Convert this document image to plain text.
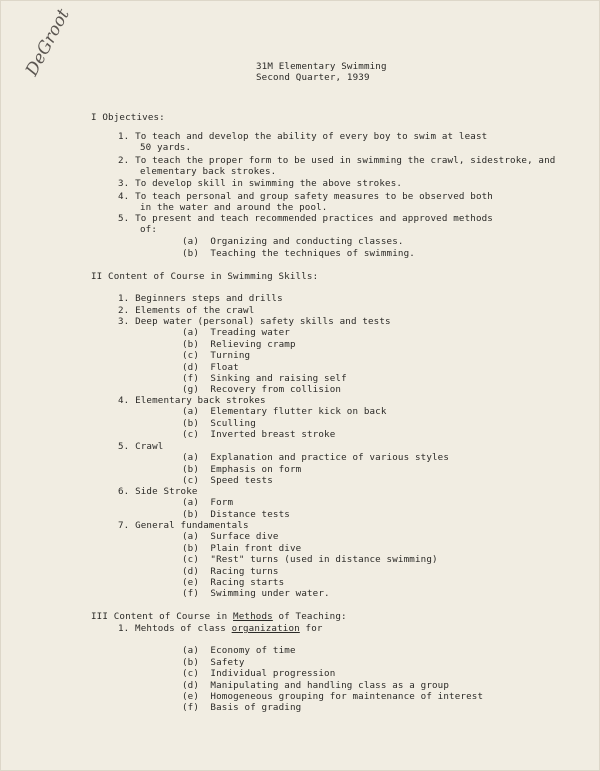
DeGroot	31M Elementary Swimming
Second Quarter, 1939
I Objectives:
1. To teach and develop the ability of every boy to swim at least
50 yards.
2. To teach the proper form to be used in swimming the crawl, sidestroke, and
elementary back strokes.
3. To develop skill in swimming the above strokes.
4. To teach personal and group safety measures to be observed both
in the water and around the pool.
5. To present and teach recommended practices and approved methods
of:
(a) Organizing and conducting classes.
(b) Teaching the techniques of swimming.
II Content of Course in Swimming Skills:
1. Beginners steps and drills
2. Elements of the crawl
3. Deep water (personal) safety skills and tests
(a) Treading water
(b) Relieving cramp
(c) Turning
(d) Float
(f) Sinking and raising self
(g) Recovery from collision
4. Elementary back strokes
(a) Elementary flutter kick on back
(b) Sculling
(c) Inverted breast stroke
5. Crawl
(a) Explanation and practice of various styles
(b) Emphasis on form
(c) Speed tests
6. Side Stroke
(a) Form
(b) Distance tests
7. General fundamentals
(a) Surface dive
(b) Plain front dive
(c) "Rest" turns (used in distance swimming)
(d) Racing turns
(e) Racing starts
(f) Swimming under water.
III Content of Course in Methods of Teaching:
1. Mehtods of class organization for
(a) Economy of time
(b) Safety
(c) Individual progression
(d) Manipulating and handling class as a group
(e) Homogeneous grouping for maintenance of interest
(f) Basis of grading
